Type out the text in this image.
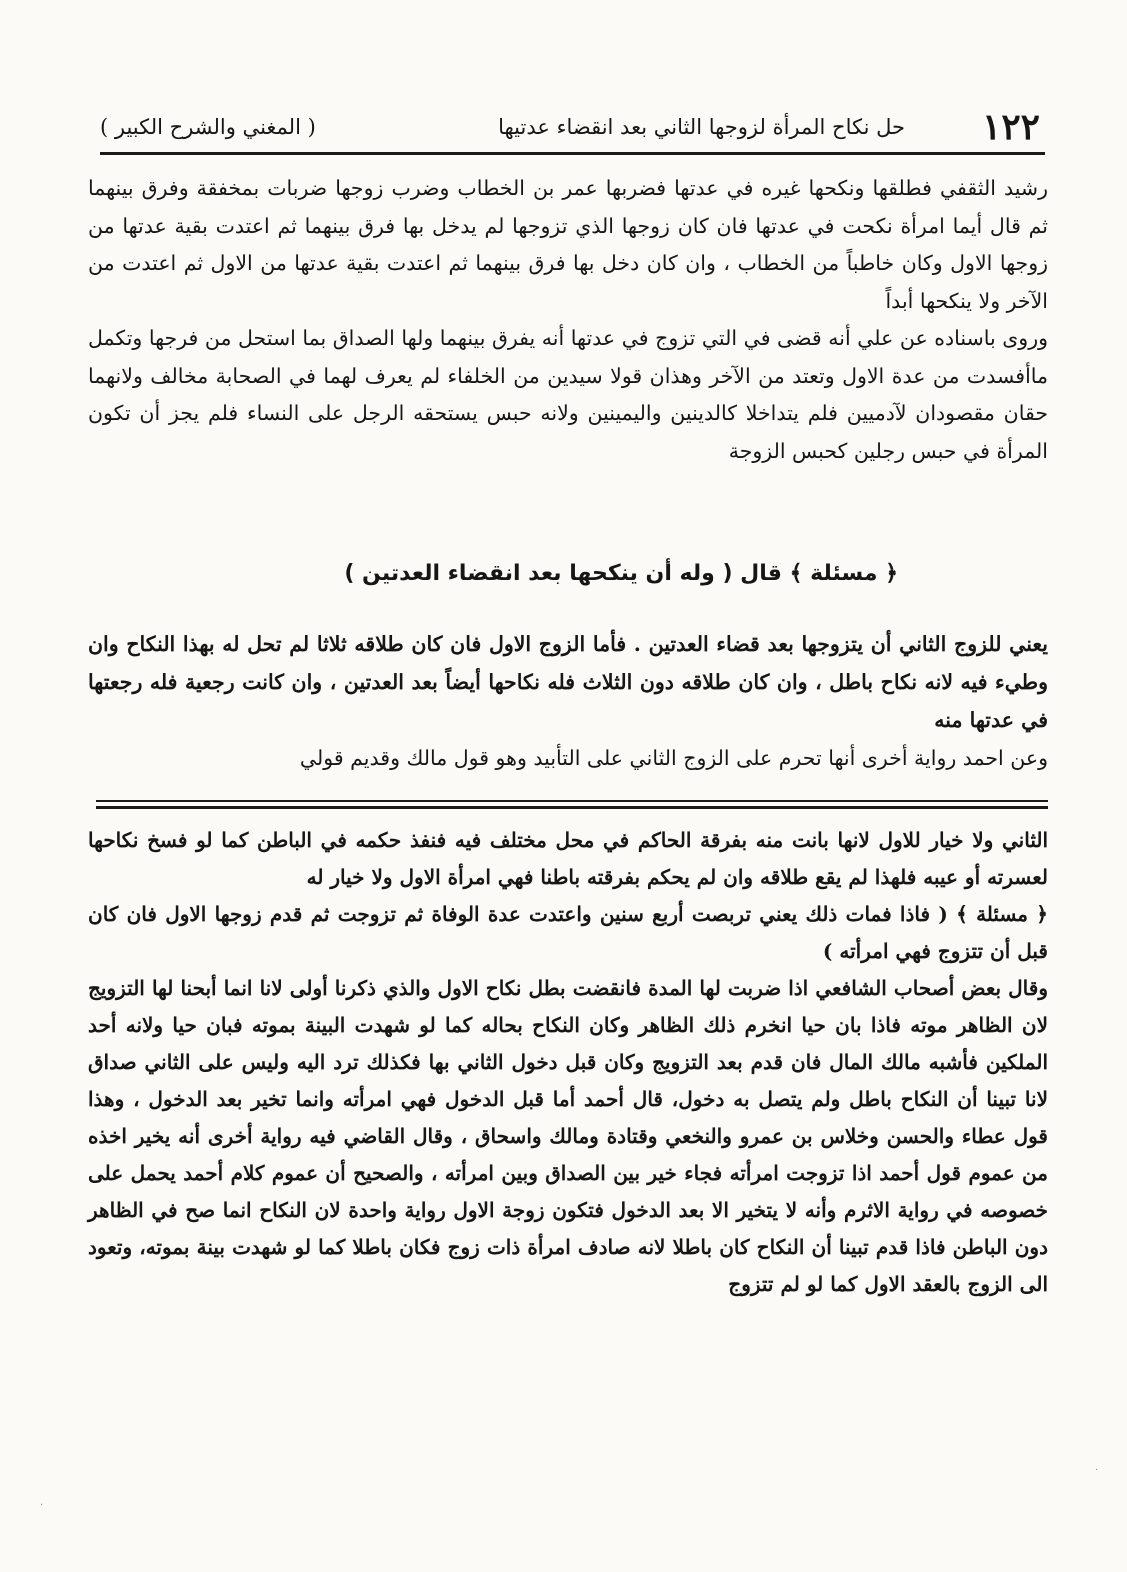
١٢٢
حل نكاح المرأة لزوجها الثاني بعد انقضاء عدتيها
( المغني والشرح الكبير )

رشيد الثقفي فطلقها ونكحها غيره في عدتها فضربها عمر بن الخطاب وضرب زوجها ضربات بمخفقة وفرق بينهما ثم قال أيما امرأة نكحت في عدتها فان كان زوجها الذي تزوجها لم يدخل بها فرق بينهما ثم اعتدت بقية عدتها من زوجها الاول وكان خاطباً من الخطاب ، وان كان دخل بها فرق بينهما ثم اعتدت بقية عدتها من الاول ثم اعتدت من الآخر ولا ينكحها أبداً

وروى باسناده عن علي أنه قضى في التي تزوج في عدتها أنه يفرق بينهما ولها الصداق بما استحل من فرجها وتكمل ماأفسدت من عدة الاول وتعتد من الآخر وهذان قولا سيدين من الخلفاء لم يعرف لهما في الصحابة مخالف ولانهما حقان مقصودان لآدميين فلم يتداخلا كالدينين واليمينين ولانه حبس يستحقه الرجل على النساء فلم يجز أن تكون المرأة في حبس رجلين كحبس الزوجة

﴿ مسئلة ﴾ قال ( وله أن ينكحها بعد انقضاء العدتين )

يعني للزوج الثاني أن يتزوجها بعد قضاء العدتين . فأما الزوج الاول فان كان طلاقه ثلاثا لم تحل له بهذا النكاح وان وطيء فيه لانه نكاح باطل ، وان كان طلاقه دون الثلاث فله نكاحها أيضاً بعد العدتين ، وان كانت رجعية فله رجعتها في عدتها منه

وعن احمد رواية أخرى أنها تحرم على الزوج الثاني على التأبيد وهو قول مالك وقديم قولي

الثاني ولا خيار للاول لانها بانت منه بفرقة الحاكم في محل مختلف فيه فنفذ حكمه في الباطن كما لو فسخ نكاحها لعسرته أو عيبه فلهذا لم يقع طلاقه وان لم يحكم بفرقته باطنا فهي امرأة الاول ولا خيار له

﴿ مسئلة ﴾ ( فاذا فمات ذلك يعني تربصت أربع سنين واعتدت عدة الوفاة ثم تزوجت ثم قدم زوجها الاول فان كان قبل أن تتزوج فهي امرأته )

وقال بعض أصحاب الشافعي اذا ضربت لها المدة فانقضت بطل نكاح الاول والذي ذكرنا أولى لانا انما أبحنا لها التزويج لان الظاهر موته فاذا بان حيا انخرم ذلك الظاهر وكان النكاح بحاله كما لو شهدت البينة بموته فبان حيا ولانه أحد الملكين فأشبه مالك المال فان قدم بعد التزويج وكان قبل دخول الثاني بها فكذلك ترد اليه وليس على الثاني صداق لانا تبينا أن النكاح باطل ولم يتصل به دخول، قال أحمد أما قبل الدخول فهي امرأته وانما تخير بعد الدخول ، وهذا قول عطاء والحسن وخلاس بن عمرو والنخعي وقتادة ومالك واسحاق ، وقال القاضي فيه رواية أخرى أنه يخير اخذه من عموم قول أحمد اذا تزوجت امرأته فجاء خير بين الصداق وبين امرأته ، والصحيح أن عموم كلام أحمد يحمل على خصوصه في رواية الاثرم وأنه لا يتخير الا بعد الدخول فتكون زوجة الاول رواية واحدة لان النكاح انما صح في الظاهر دون الباطن فاذا قدم تبينا أن النكاح كان باطلا لانه صادف امرأة ذات زوج فكان باطلا كما لو شهدت بينة بموته، وتعود الى الزوج بالعقد الاول كما لو لم تتزوج

·
·
